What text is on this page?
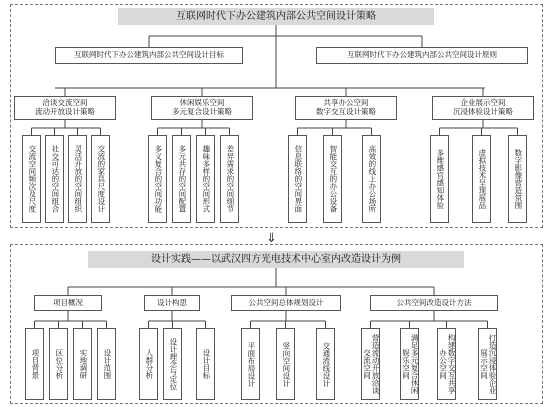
互联网时代下办公建筑内部公共空间设计策略
互联网时代下办公建筑内部公共空间设计目标	互联网时代下办公建筑内部公共空间设计原则
⇓
设计实践——以武汉四方光电技术中心室内改造设计为例
洽谈交流空间
流动开放设计策略
交流空间频次及尺度	社交可达的空间组合	灵活开放的空间组织	交流的家具尺度设计
休闲娱乐空间
多元复合设计策略
多义复合的空间功能	多元共存的空间配置	趣味多样的空间形式	差异需求的空间细节
共享办公空间
数字交互设计策略
信息联络的空间界面	智能交互的办公设备	高效的线上办公场所
企业展示空间
沉浸体验设计策略
多维感官感知体验	虚拟技术呈现展品	数字影像营造氛围
项目概况
项目背景	区位分析	实地调研	设计范围
设计构思
人群分析	设计理念与定位	设计目标
公共空间总体规划设计
平面布局设计	竖向空间设计	交通流线设计
公共空间改造设计方法
营造流动开放洽谈交流空间	满足多元复合休闲娱乐空间	构建数字交互共享办公空间	打造沉浸体验企业展示空间
